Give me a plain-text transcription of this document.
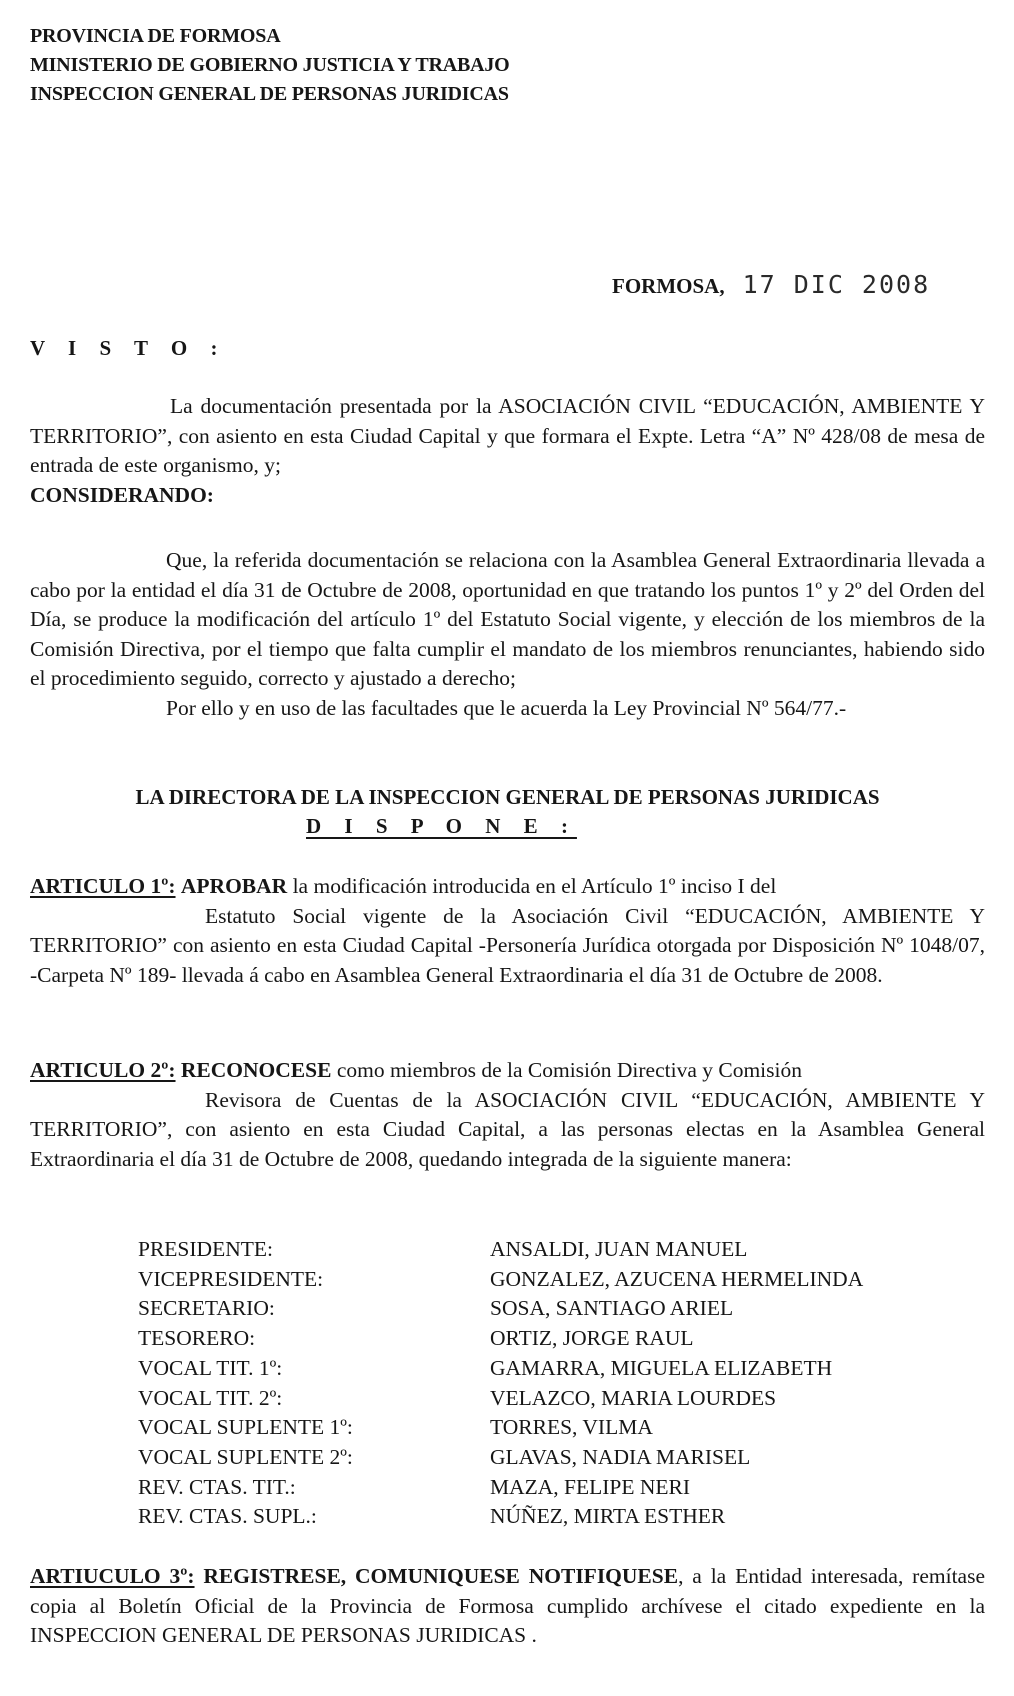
PROVINCIA DE FORMOSA
MINISTERIO DE GOBIERNO JUSTICIA Y TRABAJO
INSPECCION GENERAL DE PERSONAS JURIDICAS
FORMOSA, 17 DIC 2008
V I S T O :

La documentación presentada por la ASOCIACIÓN CIVIL “EDUCACIÓN, AMBIENTE Y TERRITORIO”, con asiento en esta Ciudad Capital y que formara el Expte. Letra “A” Nº 428/08 de mesa de entrada de este organismo, y;

CONSIDERANDO:

Que, la referida documentación se relaciona con la Asamblea General Extraordinaria llevada a cabo por la entidad el día 31 de Octubre de 2008, oportunidad en que tratando los puntos 1º y 2º del Orden del Día, se produce la modificación del artículo 1º del Estatuto Social vigente, y elección de los miembros de la Comisión Directiva, por el tiempo que falta cumplir el mandato de los miembros renunciantes, habiendo sido el procedimiento seguido, correcto y ajustado a derecho;

Por ello y en uso de las facultades que le acuerda la Ley Provincial Nº 564/77.-

LA DIRECTORA DE LA INSPECCION GENERAL DE PERSONAS JURIDICAS
D I S P O N E :

ARTICULO 1º: APROBAR la modificación introducida en el Artículo 1º inciso I del

Estatuto Social vigente de la Asociación Civil “EDUCACIÓN, AMBIENTE Y TERRITORIO” con asiento en esta Ciudad Capital -Personería Jurídica otorgada por Disposición Nº 1048/07, -Carpeta Nº 189- llevada á cabo en Asamblea General Extraordinaria el día 31 de Octubre de 2008.

ARTICULO 2º: RECONOCESE como miembros de la Comisión Directiva y Comisión

Revisora de Cuentas de la ASOCIACIÓN CIVIL “EDUCACIÓN, AMBIENTE Y TERRITORIO”, con asiento en esta Ciudad Capital, a las personas electas en la Asamblea General Extraordinaria el día 31 de Octubre de 2008, quedando integrada de la siguiente manera:

PRESIDENTE:	ANSALDI, JUAN MANUEL
VICEPRESIDENTE:	GONZALEZ, AZUCENA HERMELINDA
SECRETARIO:	SOSA, SANTIAGO ARIEL
TESORERO:	ORTIZ, JORGE RAUL
VOCAL TIT. 1º:	GAMARRA, MIGUELA ELIZABETH
VOCAL TIT. 2º:	VELAZCO, MARIA LOURDES
VOCAL SUPLENTE 1º:	TORRES, VILMA
VOCAL SUPLENTE 2º:	GLAVAS, NADIA MARISEL
REV. CTAS. TIT.:	MAZA, FELIPE NERI
REV. CTAS. SUPL.:	NÚÑEZ, MIRTA ESTHER

ARTIUCULO 3º: REGISTRESE, COMUNIQUESE NOTIFIQUESE, a la Entidad interesada, remítase copia al Boletín Oficial de la Provincia de Formosa cumplido archívese el citado expediente en la INSPECCION GENERAL DE PERSONAS JURIDICAS .
